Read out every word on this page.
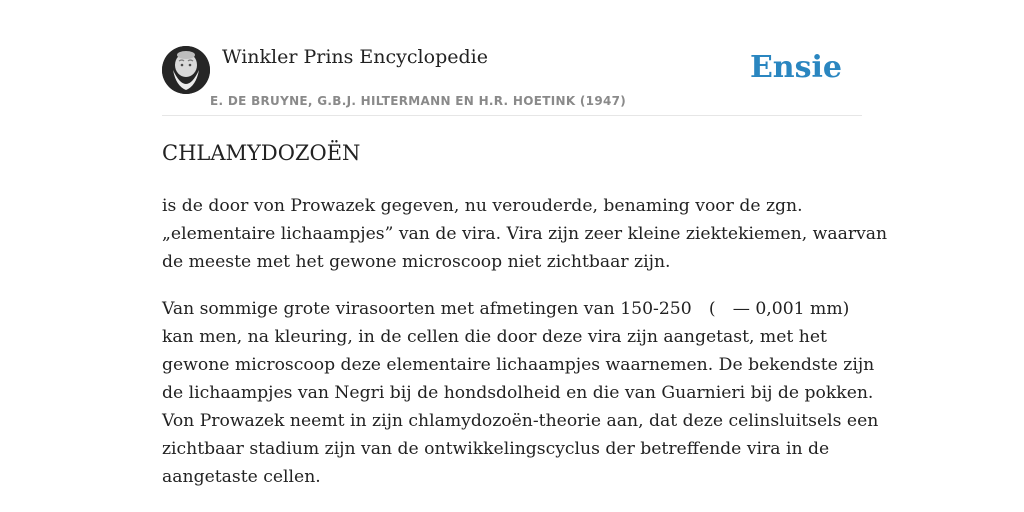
Winkler Prins Encyclopedie
E. DE BRUYNE, G.B.J. HILTERMANN EN H.R. HOETINK (1947)
Ensie
CHLAMYDOZOËN

is de door von Prowazek gegeven, nu verouderde, benaming voor de zgn.
„elementaire lichaampjes” van de vira. Vira zijn zeer kleine ziektekiemen, waarvan
de meeste met het gewone microscoop niet zichtbaar zijn.

Van sommige grote virasoorten met afmetingen van 150-250  (  — 0,001 mm)
kan men, na kleuring, in de cellen die door deze vira zijn aangetast, met het
gewone microscoop deze elementaire lichaampjes waarnemen. De bekendste zijn
de lichaampjes van Negri bij de hondsdolheid en die van Guarnieri bij de pokken.
Von Prowazek neemt in zijn chlamydozoën-theorie aan, dat deze celinsluitsels een
zichtbaar stadium zijn van de ontwikkelingscyclus der betreffende vira in de
aangetaste cellen.
